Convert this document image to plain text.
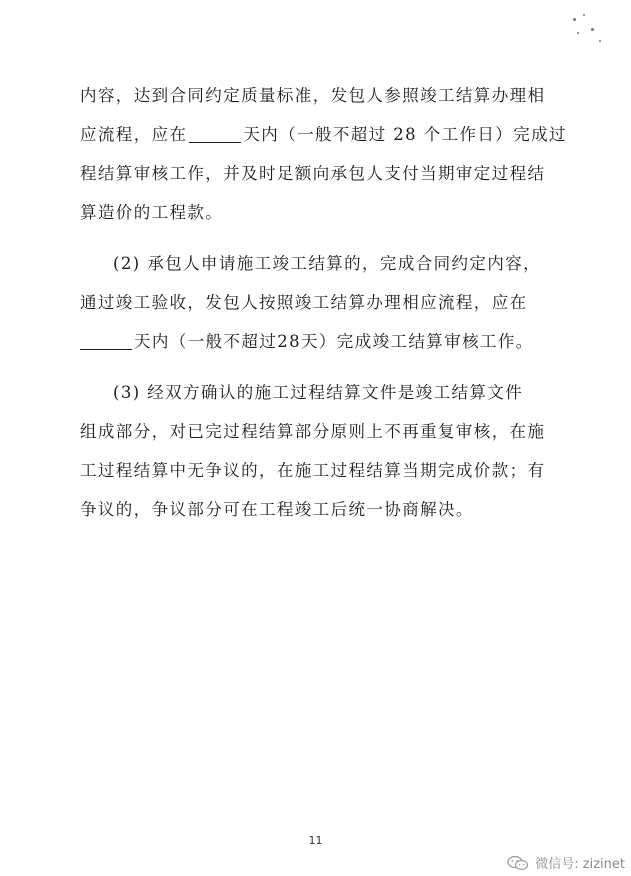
内容，达到合同约定质量标准，发包人参照竣工结算办理相
应流程，应在	天内（一般不超过 28 个工作日）完成过
程结算审核工作，并及时足额向承包人支付当期审定过程结
算造价的工程款。
(2) 承包人申请施工竣工结算的，完成合同约定内容，
通过竣工验收，发包人按照竣工结算办理相应流程，应在
天内（一般不超过28天）完成竣工结算审核工作。
(3) 经双方确认的施工过程结算文件是竣工结算文件
组成部分，对已完过程结算部分原则上不再重复审核，在施
工过程结算中无争议的，在施工过程结算当期完成价款；有
争议的，争议部分可在工程竣工后统一协商解决。
11
微信号: zizinet
